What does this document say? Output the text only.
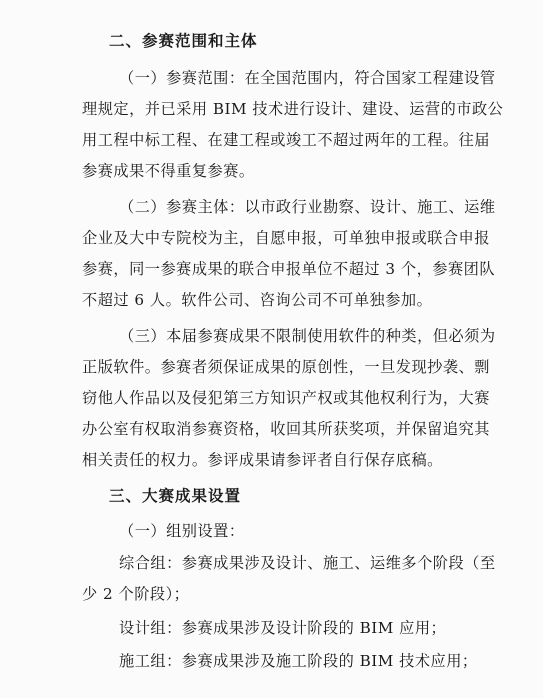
二、参赛范围和主体
（一）参赛范围：在全国范围内，符合国家工程建设管
理规定，并已采用 BIM 技术进行设计、建设、运营的市政公
用工程中标工程、在建工程或竣工不超过两年的工程。往届
参赛成果不得重复参赛。
（二）参赛主体：以市政行业勘察、设计、施工、运维
企业及大中专院校为主，自愿申报，可单独申报或联合申报
参赛，同一参赛成果的联合申报单位不超过 3 个，参赛团队
不超过 6 人。软件公司、咨询公司不可单独参加。
（三）本届参赛成果不限制使用软件的种类，但必须为
正版软件。参赛者须保证成果的原创性，一旦发现抄袭、剽
窃他人作品以及侵犯第三方知识产权或其他权利行为，大赛
办公室有权取消参赛资格，收回其所获奖项，并保留追究其
相关责任的权力。参评成果请参评者自行保存底稿。
三、大赛成果设置
（一）组别设置：
综合组：参赛成果涉及设计、施工、运维多个阶段（至
少 2 个阶段）；
设计组：参赛成果涉及设计阶段的 BIM 应用；
施工组：参赛成果涉及施工阶段的 BIM 技术应用；
